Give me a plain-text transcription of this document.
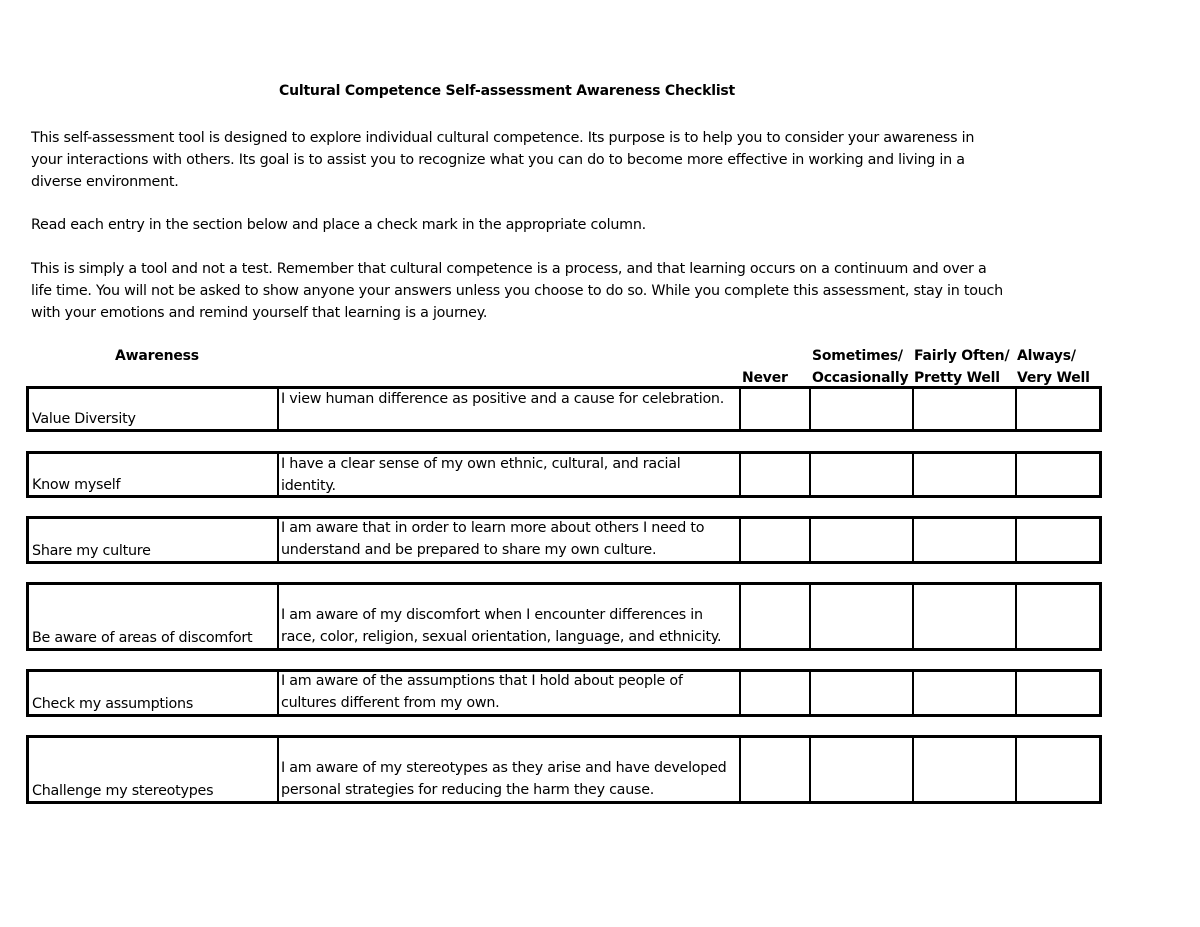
Cultural Competence Self-assessment Awareness Checklist

This self-assessment tool is designed to explore individual cultural competence. Its purpose is to help you to consider your awareness in your interactions with others. Its goal is to assist you to recognize what you can do to become more effective in working and living in a diverse environment.

Read each entry in the section below and place a check mark in the appropriate column.

This is simply a tool and not a test. Remember that cultural competence is a process, and that learning occurs on a continuum and over a life time. You will not be asked to show anyone your answers unless you choose to do so. While you complete this assessment, stay in touch with your emotions and remind yourself that learning is a journey.

Awareness
Never
Sometimes/
Occasionally
Fairly Often/
Pretty Well
Always/
Very Well
Value Diversity
I view human difference as positive and a cause for celebration.
Know myself
I have a clear sense of my own ethnic, cultural, and racial identity.
Share my culture
I am aware that in order to learn more about others I need to understand and be prepared to share my own culture.
Be aware of areas of discomfort
I am aware of my discomfort when I encounter differences in race, color, religion, sexual orientation, language, and ethnicity.
Check my assumptions
I am aware of the assumptions that I hold about people of cultures different from my own.
Challenge my stereotypes
I am aware of my stereotypes as they arise and have developed personal strategies for reducing the harm they cause.
